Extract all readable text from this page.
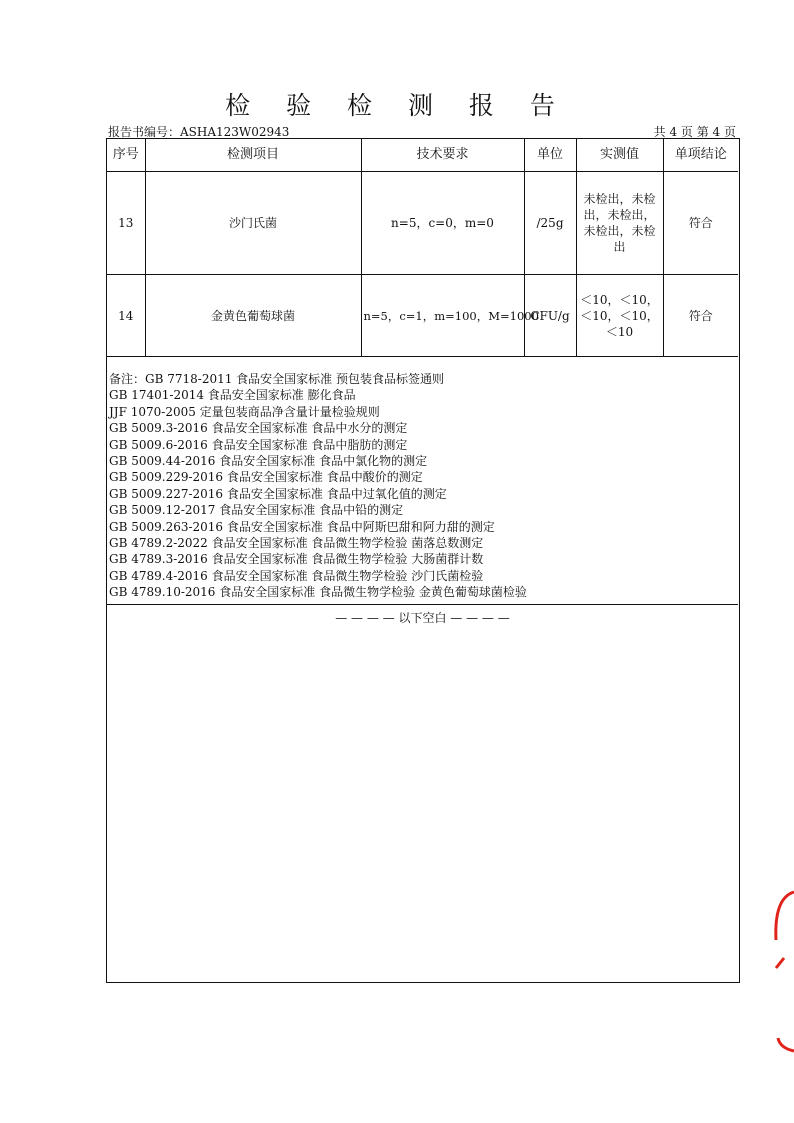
检 验 检 测 报 告
报告书编号：ASHA123W02943	共 4 页 第 4 页
序号	检测项目	技术要求	单位	实测值	单项结论
13	沙门氏菌	n=5，c=0，m=0	/25g	未检出，未检
出，未检出，
未检出，未检
出	符合
14	金黄色葡萄球菌	n=5，c=1，m=100，M=1000	CFU/g	＜10，＜10，
＜10，＜10，
＜10	符合
备注：GB 7718-2011 食品安全国家标准 预包装食品标签通则
GB 17401-2014 食品安全国家标准 膨化食品
JJF 1070-2005 定量包装商品净含量计量检验规则
GB 5009.3-2016 食品安全国家标准 食品中水分的测定
GB 5009.6-2016 食品安全国家标准 食品中脂肪的测定
GB 5009.44-2016 食品安全国家标准 食品中氯化物的测定
GB 5009.229-2016 食品安全国家标准 食品中酸价的测定
GB 5009.227-2016 食品安全国家标准 食品中过氧化值的测定
GB 5009.12-2017 食品安全国家标准 食品中铅的测定
GB 5009.263-2016 食品安全国家标准 食品中阿斯巴甜和阿力甜的测定
GB 4789.2-2022 食品安全国家标准 食品微生物学检验 菌落总数测定
GB 4789.3-2016 食品安全国家标准 食品微生物学检验 大肠菌群计数
GB 4789.4-2016 食品安全国家标准 食品微生物学检验 沙门氏菌检验
GB 4789.10-2016 食品安全国家标准 食品微生物学检验 金黄色葡萄球菌检验
— — — — 以下空白 — — — —
